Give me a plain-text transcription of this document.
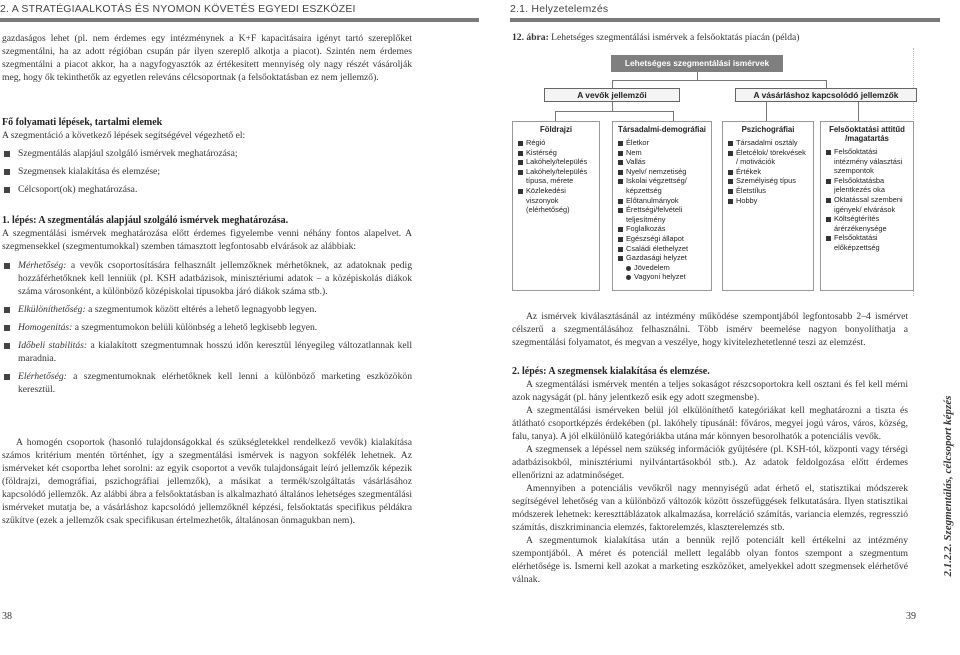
2. A STRATÉGIAALKOTÁS ÉS NYOMON KÖVETÉS EGYEDI ESZKÖZEI

gazdaságos lehet (pl. nem érdemes egy intézménynek a K+F kapacitásaira igényt tartó szereplőket szegmentálni, ha az adott régióban csupán pár ilyen szereplő alkotja a piacot). Szintén nem érdemes szegmentálni a piacot akkor, ha a nagyfogyasztók az értékesített mennyiség oly nagy részét vásárolják meg, hogy ők tekinthetők az egyetlen releváns célcsoportnak (a felsőoktatásban ez nem jellemző).

Fő folyamati lépések, tartalmi elemek

A szegmentáció a következő lépések segítségével végezhető el:

Szegmentálás alapjául szolgáló ismérvek meghatározása;
Szegmensek kialakítása és elemzése;
Célcsoport(ok) meghatározása.
1. lépés: A szegmentálás alapjául szolgáló ismérvek meghatározása.

A szegmentálási ismérvek meghatározása előtt érdemes figyelembe venni néhány fontos alapelvet. A szegmensekkel (szegmentumokkal) szemben támasztott legfontosabb elvárások az alábbiak:

Mérhetőség: a vevők csoportosítására felhasznált jellemzőknek mérhetőknek, az adatoknak pedig hozzáférhetőknek kell lenniük (pl. KSH adatbázisok, minisztériumi adatok – a középiskolás diákok száma városonként, a különböző középiskolai típusokba járó diákok száma stb.).
Elkülöníthetőség: a szegmentumok között eltérés a lehető legnagyobb legyen.
Homogenitás: a szegmentumokon belüli különbség a lehető legkisebb legyen.
Időbeli stabilitás: a kialakított szegmentumnak hosszú időn keresztül lényegileg változatlannak kell maradnia.
Elérhetőség: a szegmentumoknak elérhetőknek kell lenni a különböző marketing eszközökön keresztül.

A homogén csoportok (hasonló tulajdonságokkal és szükségletekkel rendelkező vevők) kialakítása számos kritérium mentén történhet, így a szegmentálási ismérvek is nagyon sokfélék lehetnek. Az ismérveket két csoportba lehet sorolni: az egyik csoportot a vevők tulajdonságait leíró jellemzők képezik (földrajzi, demográfiai, pszichográfiai jellemzők), a másikat a termék/szolgáltatás vásárlásához kapcsolódó jellemzők. Az alábbi ábra a felsőoktatásban is alkalmazható általános lehetséges szegmentálási ismérveket mutatja be, a vásárláshoz kapcsolódó jellemzőknél képzési, felsőoktatás specifikus példákra szűkítve (ezek a jellemzők csak specifikusan értelmezhetők, általánosan önmagukban nem).

38
2.1. Helyzetelemzés
39
12. ábra: Lehetséges szegmentálási ismérvek a felsőoktatás piacán (példa)
Lehetséges szegmentálási ismérvek
A vevők jellemzői	A vásárláshoz kapcsolódó jellemzők
Földrajzi
Régió
Kistérség
Lakóhely/település
Lakóhely/település típusa, mérete
Közlekedési viszonyok (elérhetőség)
Társadalmi-demográfiai
Életkor
Nem
Vallás
Nyelv/ nemzetiség
Iskolai végzettség/ képzettség
Előtanulmányok
Érettségi/felvételi teljesítmény
Foglalkozás
Egészségi állapot
Családi élethelyzet
Gazdasági helyzet
Jövedelem
Vagyoni helyzet
Pszichográfiai
Társadalmi osztály
Életcélok/ törekvések / motivációk
Értékek
Személyiség típus
Életstílus
Hobby
Felsőoktatási attitűd /magatartás
Felsőoktatási intézmény választási szempontok
Felsőoktatásba jelentkezés oka
Oktatással szembeni igények/ elvárások
Költségtérítés árérzékenysége
Felsőoktatási előképzettség

Az ismérvek kiválasztásánál az intézmény működése szempontjából legfontosabb 2–4 ismérvet célszerű a szegmentálásához felhasználni. Több ismérv beemelése nagyon bonyolíthatja a szegmentálási folyamatot, és megvan a veszélye, hogy kivitelezhetetlenné teszi az elemzést.

2. lépés: A szegmensek kialakítása és elemzése.

A szegmentálási ismérvek mentén a teljes sokaságot részcsoportokra kell osztani és fel kell mérni azok nagyságát (pl. hány jelentkező esik egy adott szegmensbe).

A szegmentálási ismérveken belül jól elkülöníthető kategóriákat kell meghatározni a tiszta és átlátható csoportképzés érdekében (pl. lakóhely típusánál: főváros, megyei jogú város, város, község, falu, tanya). A jól elkülönülő kategóriákba utána már könnyen besorolhatók a potenciális vevők.

A szegmensek a lépéssel nem szükség információk gyűjtésére (pl. KSH-tól, központi vagy térségi adatbázisokból, minisztériumi nyilvántartásokból stb.). Az adatok feldolgozása előtt érdemes ellenőrizni az adatminőséget.

Amennyiben a potenciális vevőkről nagy mennyiségű adat érhető el, statisztikai módszerek segítségével lehetőség van a különböző változók között összefüggések felkutatására. Ilyen statisztikai módszerek lehetnek: kereszttáblázatok alkalmazása, korreláció számítás, variancia elemzés, regresszió számítás, diszkriminancia elemzés, faktorelemzés, klaszterelemzés stb.

A szegmentumok kialakítása után a bennük rejlő potenciált kell értékelni az intézmény szempontjából. A méret és potenciál mellett legalább olyan fontos szempont a szegmentum elérhetősége is. Ismerni kell azokat a marketing eszközöket, amelyekkel adott szegmensek elérhetővé válnak.

2.1.2.2. Szegmentálás, célcsoport képzés
